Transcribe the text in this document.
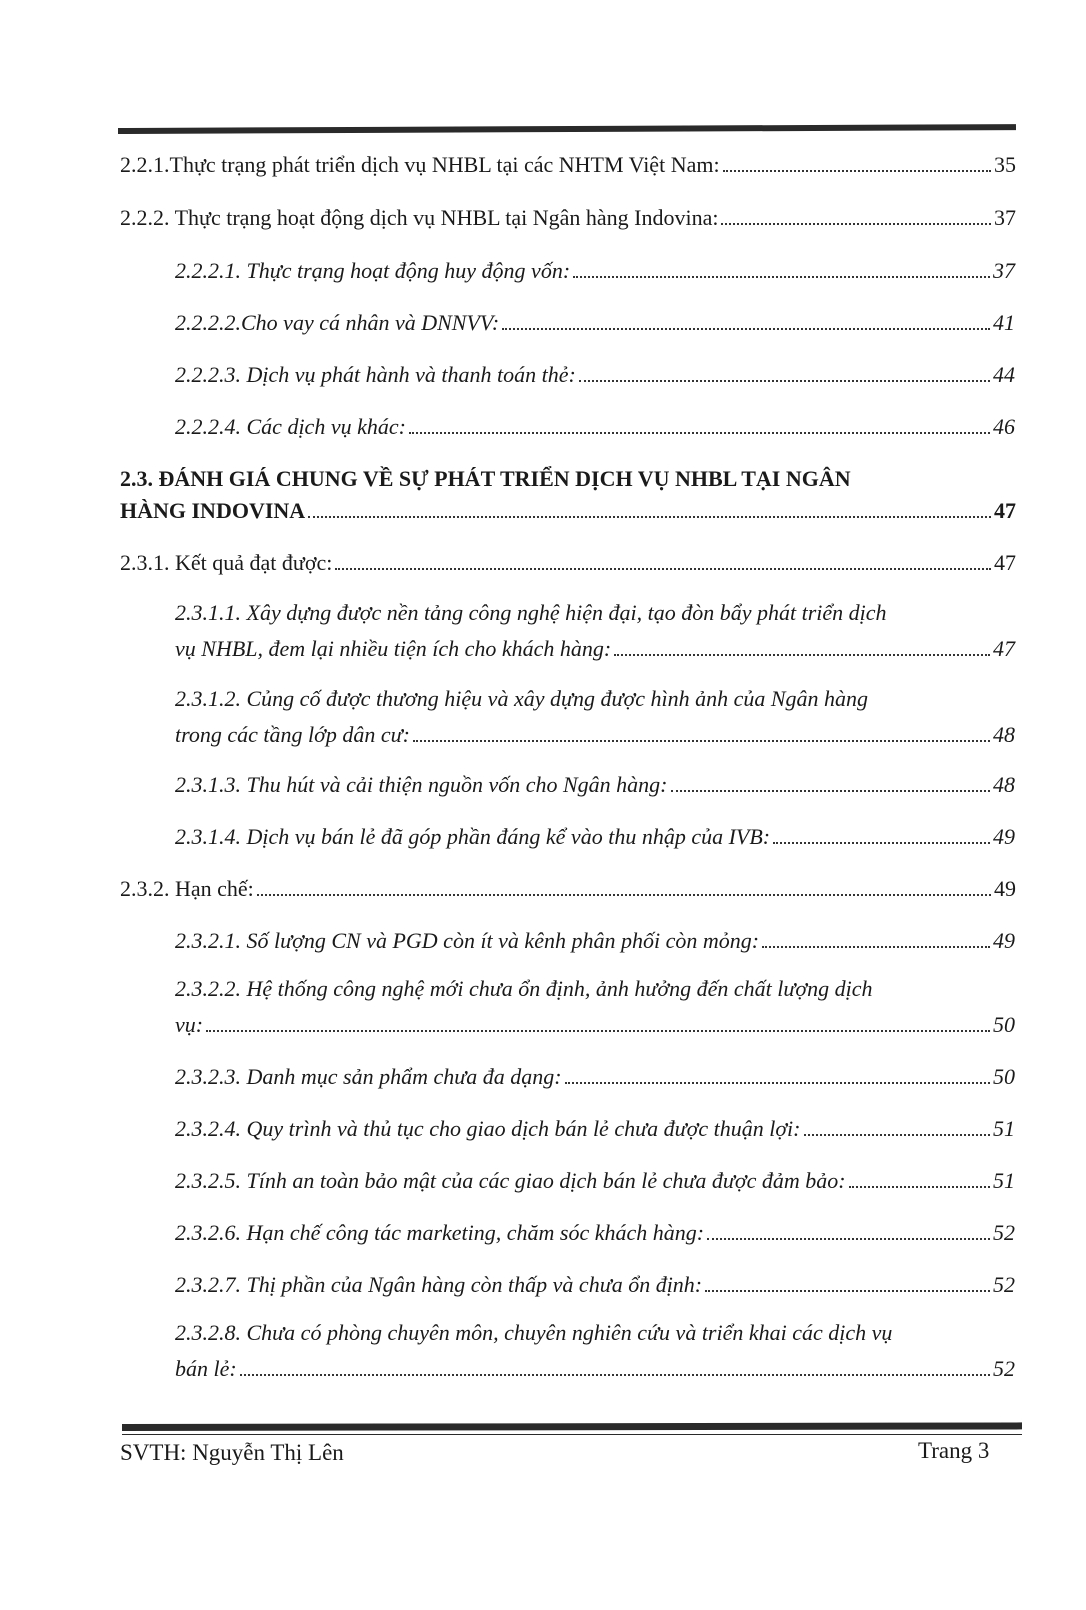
2.2.1.Thực trạng phát triển dịch vụ NHBL tại các NHTM Việt Nam:	35
2.2.2. Thực trạng hoạt động dịch vụ NHBL tại Ngân hàng Indovina:	37
2.2.2.1. Thực trạng hoạt động huy động vốn:	37
2.2.2.2.Cho vay cá nhân và DNNVV:	41
2.2.2.3. Dịch vụ phát hành và thanh toán thẻ:	44
2.2.2.4. Các dịch vụ khác:	46
2.3. ĐÁNH GIÁ CHUNG VỀ SỰ PHÁT TRIỂN DỊCH VỤ NHBL TẠI NGÂN
HÀNG INDOVINA	47
2.3.1. Kết quả đạt được:	47
2.3.1.1. Xây dựng được nền tảng công nghệ hiện đại, tạo đòn bẩy phát triển dịch
vụ NHBL, đem lại nhiều tiện ích cho khách hàng:	47
2.3.1.2. Củng cố được thương hiệu và xây dựng được hình ảnh của Ngân hàng
trong các tầng lớp dân cư:	48
2.3.1.3. Thu hút và cải thiện nguồn vốn cho Ngân hàng:	48
2.3.1.4. Dịch vụ bán lẻ đã góp phần đáng kể vào thu nhập của IVB:	49
2.3.2. Hạn chế:	49
2.3.2.1. Số lượng CN và PGD còn ít và kênh phân phối còn mỏng:	49
2.3.2.2. Hệ thống công nghệ mới chưa ổn định, ảnh hưởng đến chất lượng dịch
vụ:	50
2.3.2.3. Danh mục sản phẩm chưa đa dạng:	50
2.3.2.4. Quy trình và thủ tục cho giao dịch bán lẻ chưa được thuận lợi:	51
2.3.2.5. Tính an toàn bảo mật của các giao dịch bán lẻ chưa được đảm bảo:	51
2.3.2.6. Hạn chế công tác marketing, chăm sóc khách hàng:	52
2.3.2.7. Thị phần của Ngân hàng còn thấp và chưa ổn định:	52
2.3.2.8. Chưa có phòng chuyên môn, chuyên nghiên cứu và triển khai các dịch vụ
bán lẻ:	52
SVTH: Nguyễn Thị Lên	Trang 3
